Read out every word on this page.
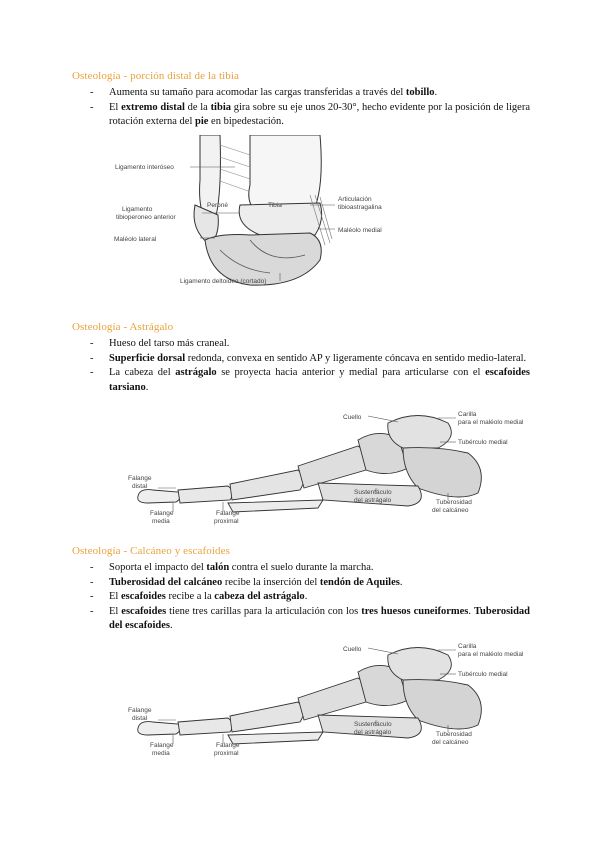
Osteología - porción distal de la tibia
- Aumenta su tamaño para acomodar las cargas transferidas a través del tobillo.
- El extremo distal de la tibia gira sobre su eje unos 20-30°, hecho evidente por la posición de ligera rotación externa del pie en bipedestación.
Ligamento interóseo
Peroné	Tibia
Ligamento
tibioperoneo anterior
Maléolo lateral
Articulación
tibioastragalina
Maléolo medial
Ligamento deltoideo (cortado)
Osteología - Astrágalo
- Hueso del tarso más craneal.
- Superficie dorsal redonda, convexa en sentido AP y ligeramente cóncava en sentido medio-lateral.
- La cabeza del astrágalo se proyecta hacia anterior y medial para articularse con el escafoides tarsiano.
Cuello	Carilla
para el maléolo medial
Tubérculo medial
Falange
distal
Falange
media
Falange
proximal
Sustentáculo
del astrágalo	Tuberosidad
del calcáneo
Osteología - Calcáneo y escafoides
- Soporta el impacto del talón contra el suelo durante la marcha.
- Tuberosidad del calcáneo recibe la inserción del tendón de Aquiles.
- El escafoides recibe a la cabeza del astrágalo.
- El escafoides tiene tres carillas para la articulación con los tres huesos cuneiformes. Tuberosidad del escafoides.
Cuello	Carilla
para el maléolo medial
Tubérculo medial
Falange
distal
Falange
media
Falange
proximal
Sustentáculo
del astrágalo	Tuberosidad
del calcáneo
